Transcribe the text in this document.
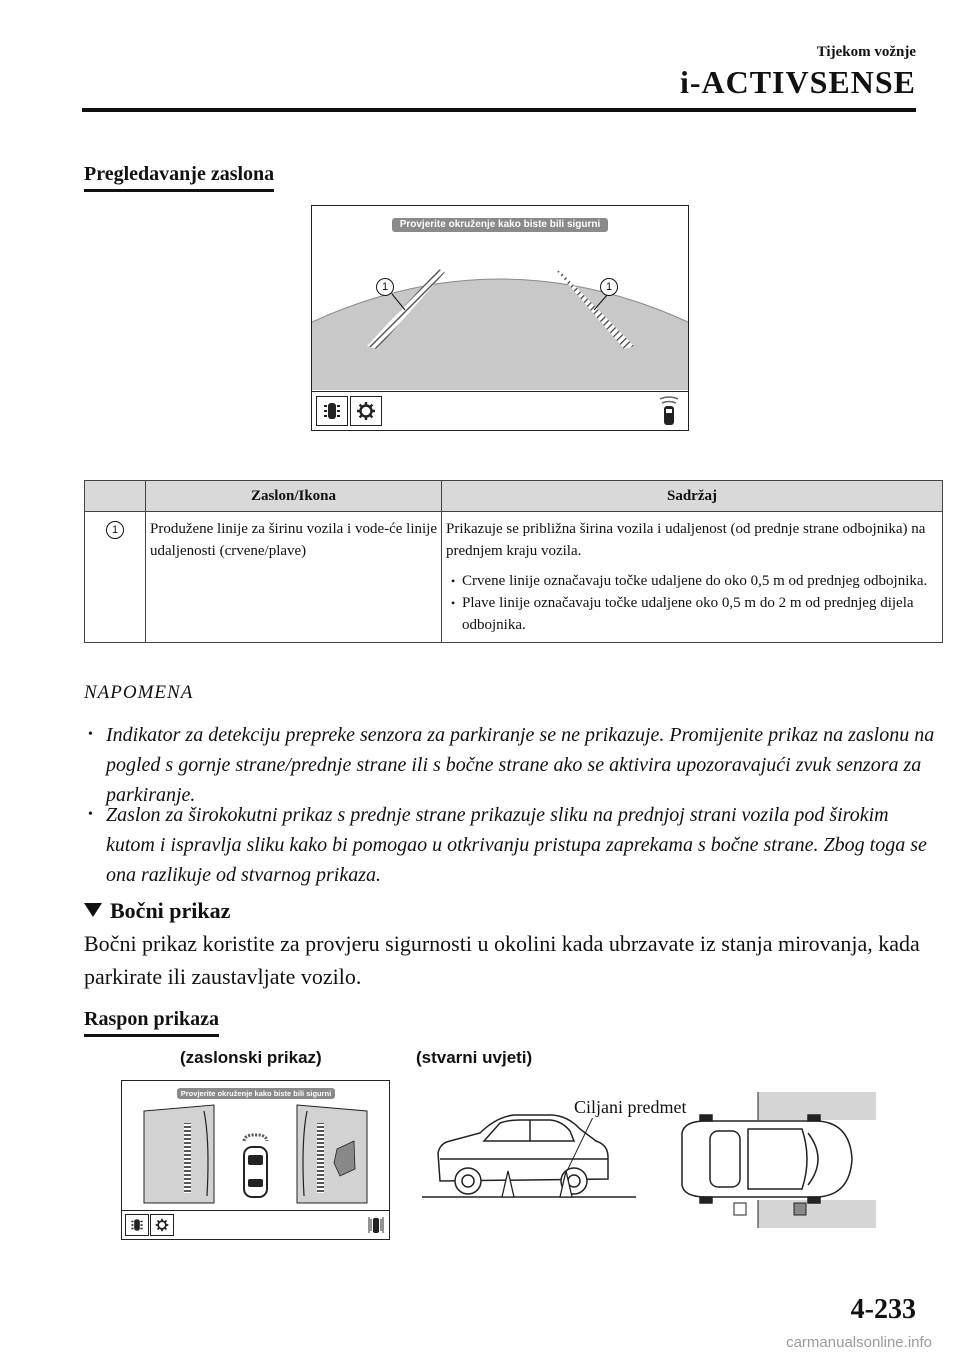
Tijekom vožnje
i-ACTIVSENSE
Pregledavanje zaslona
Provjerite okruženje kako biste bili sigurni
1	1
	Zaslon/Ikona	Sadržaj
1	Produžene linije za širinu vozila i vode-će linije udaljenosti (crvene/plave)	Prikazuje se približna širina vozila i udaljenost (od prednje strane odbojnika) na prednjem kraju vozila.
• Crvene linije označavaju točke udaljene do oko 0,5 m od prednjeg odbojnika.
• Plave linije označavaju točke udaljene oko 0,5 m do 2 m od prednjeg dijela odbojnika.
NAPOMENA
• Indikator za detekciju prepreke senzora za parkiranje se ne prikazuje. Promijenite prikaz na zaslonu na pogled s gornje strane/prednje strane ili s bočne strane ako se aktivira upozoravajući zvuk senzora za parkiranje.
• Zaslon za širokokutni prikaz s prednje strane prikazuje sliku na prednjoj strani vozila pod širokim kutom i ispravlja sliku kako bi pomogao u otkrivanju pristupa zaprekama s bočne strane. Zbog toga se ona razlikuje od stvarnog prikaza.
Bočni prikaz
Bočni prikaz koristite za provjeru sigurnosti u okolini kada ubrzavate iz stanja mirovanja, kada parkirate ili zaustavljate vozilo.
Raspon prikaza
(zaslonski prikaz)	(stvarni uvjeti)
Provjerite okruženje kako biste bili sigurni
Ciljani predmet
4-233
carmanualsonline.info
